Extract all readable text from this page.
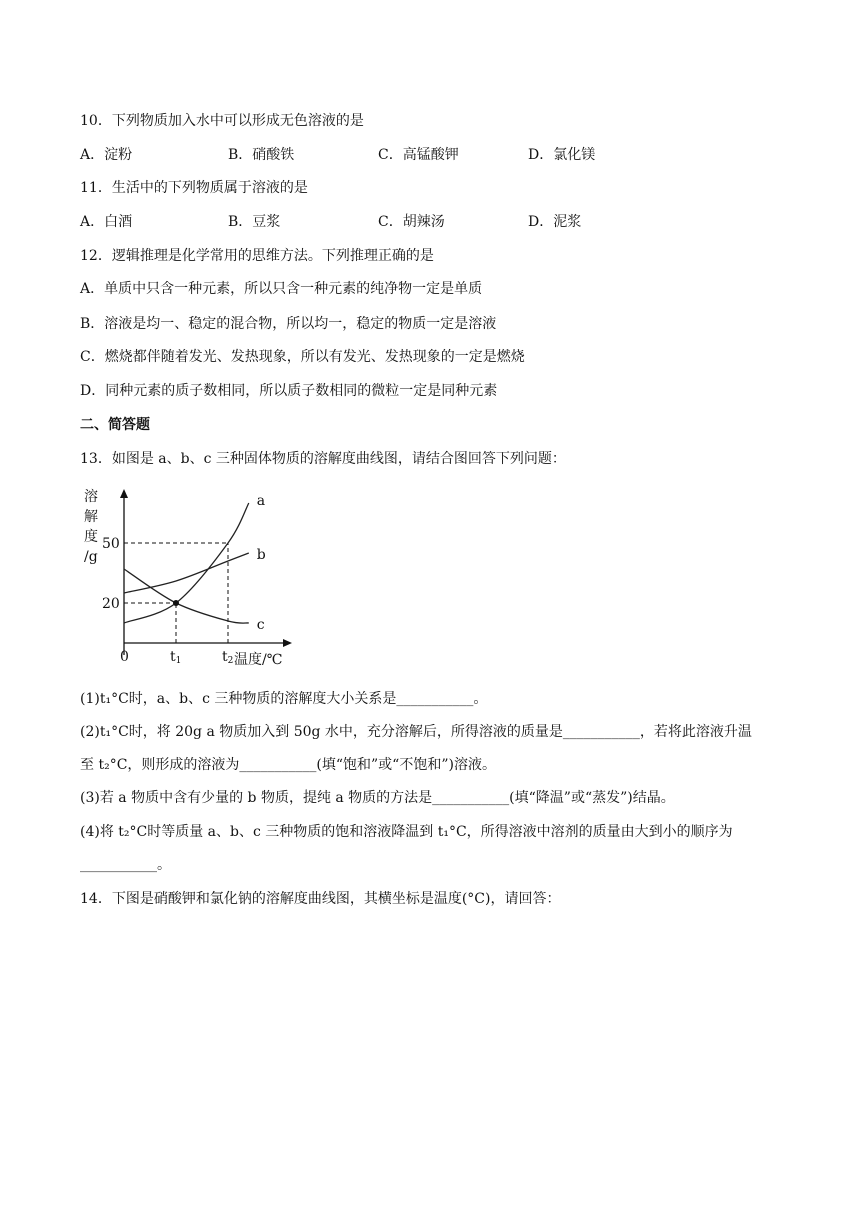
10．下列物质加入水中可以形成无色溶液的是
A．淀粉	B．硝酸铁	C．高锰酸钾	D．氯化镁
11．生活中的下列物质属于溶液的是
A．白酒	B．豆浆	C．胡辣汤	D．泥浆
12．逻辑推理是化学常用的思维方法。下列推理正确的是
A．单质中只含一种元素，所以只含一种元素的纯净物一定是单质
B．溶液是均一、稳定的混合物，所以均一，稳定的物质一定是溶液
C．燃烧都伴随着发光、发热现象，所以有发光、发热现象的一定是燃烧
D．同种元素的质子数相同，所以质子数相同的微粒一定是同种元素
二、简答题
13．如图是 a、b、c 三种固体物质的溶解度曲线图，请结合图回答下列问题：
a
b
c
溶
解
度
/g
20
50
0	t1	t2 温度/℃
(1)t₁°C时，a、b、c 三种物质的溶解度大小关系是___________。
(2)t₁°C时，将 20g a 物质加入到 50g 水中，充分溶解后，所得溶液的质量是___________，若将此溶液升温
至 t₂°C，则形成的溶液为___________(填“饱和”或“不饱和”)溶液。
(3)若 a 物质中含有少量的 b 物质，提纯 a 物质的方法是___________(填“降温”或“蒸发”)结晶。
(4)将 t₂°C时等质量 a、b、c 三种物质的饱和溶液降温到 t₁°C，所得溶液中溶剂的质量由大到小的顺序为
___________。
14．下图是硝酸钾和氯化钠的溶解度曲线图，其横坐标是温度(°C)，请回答：
